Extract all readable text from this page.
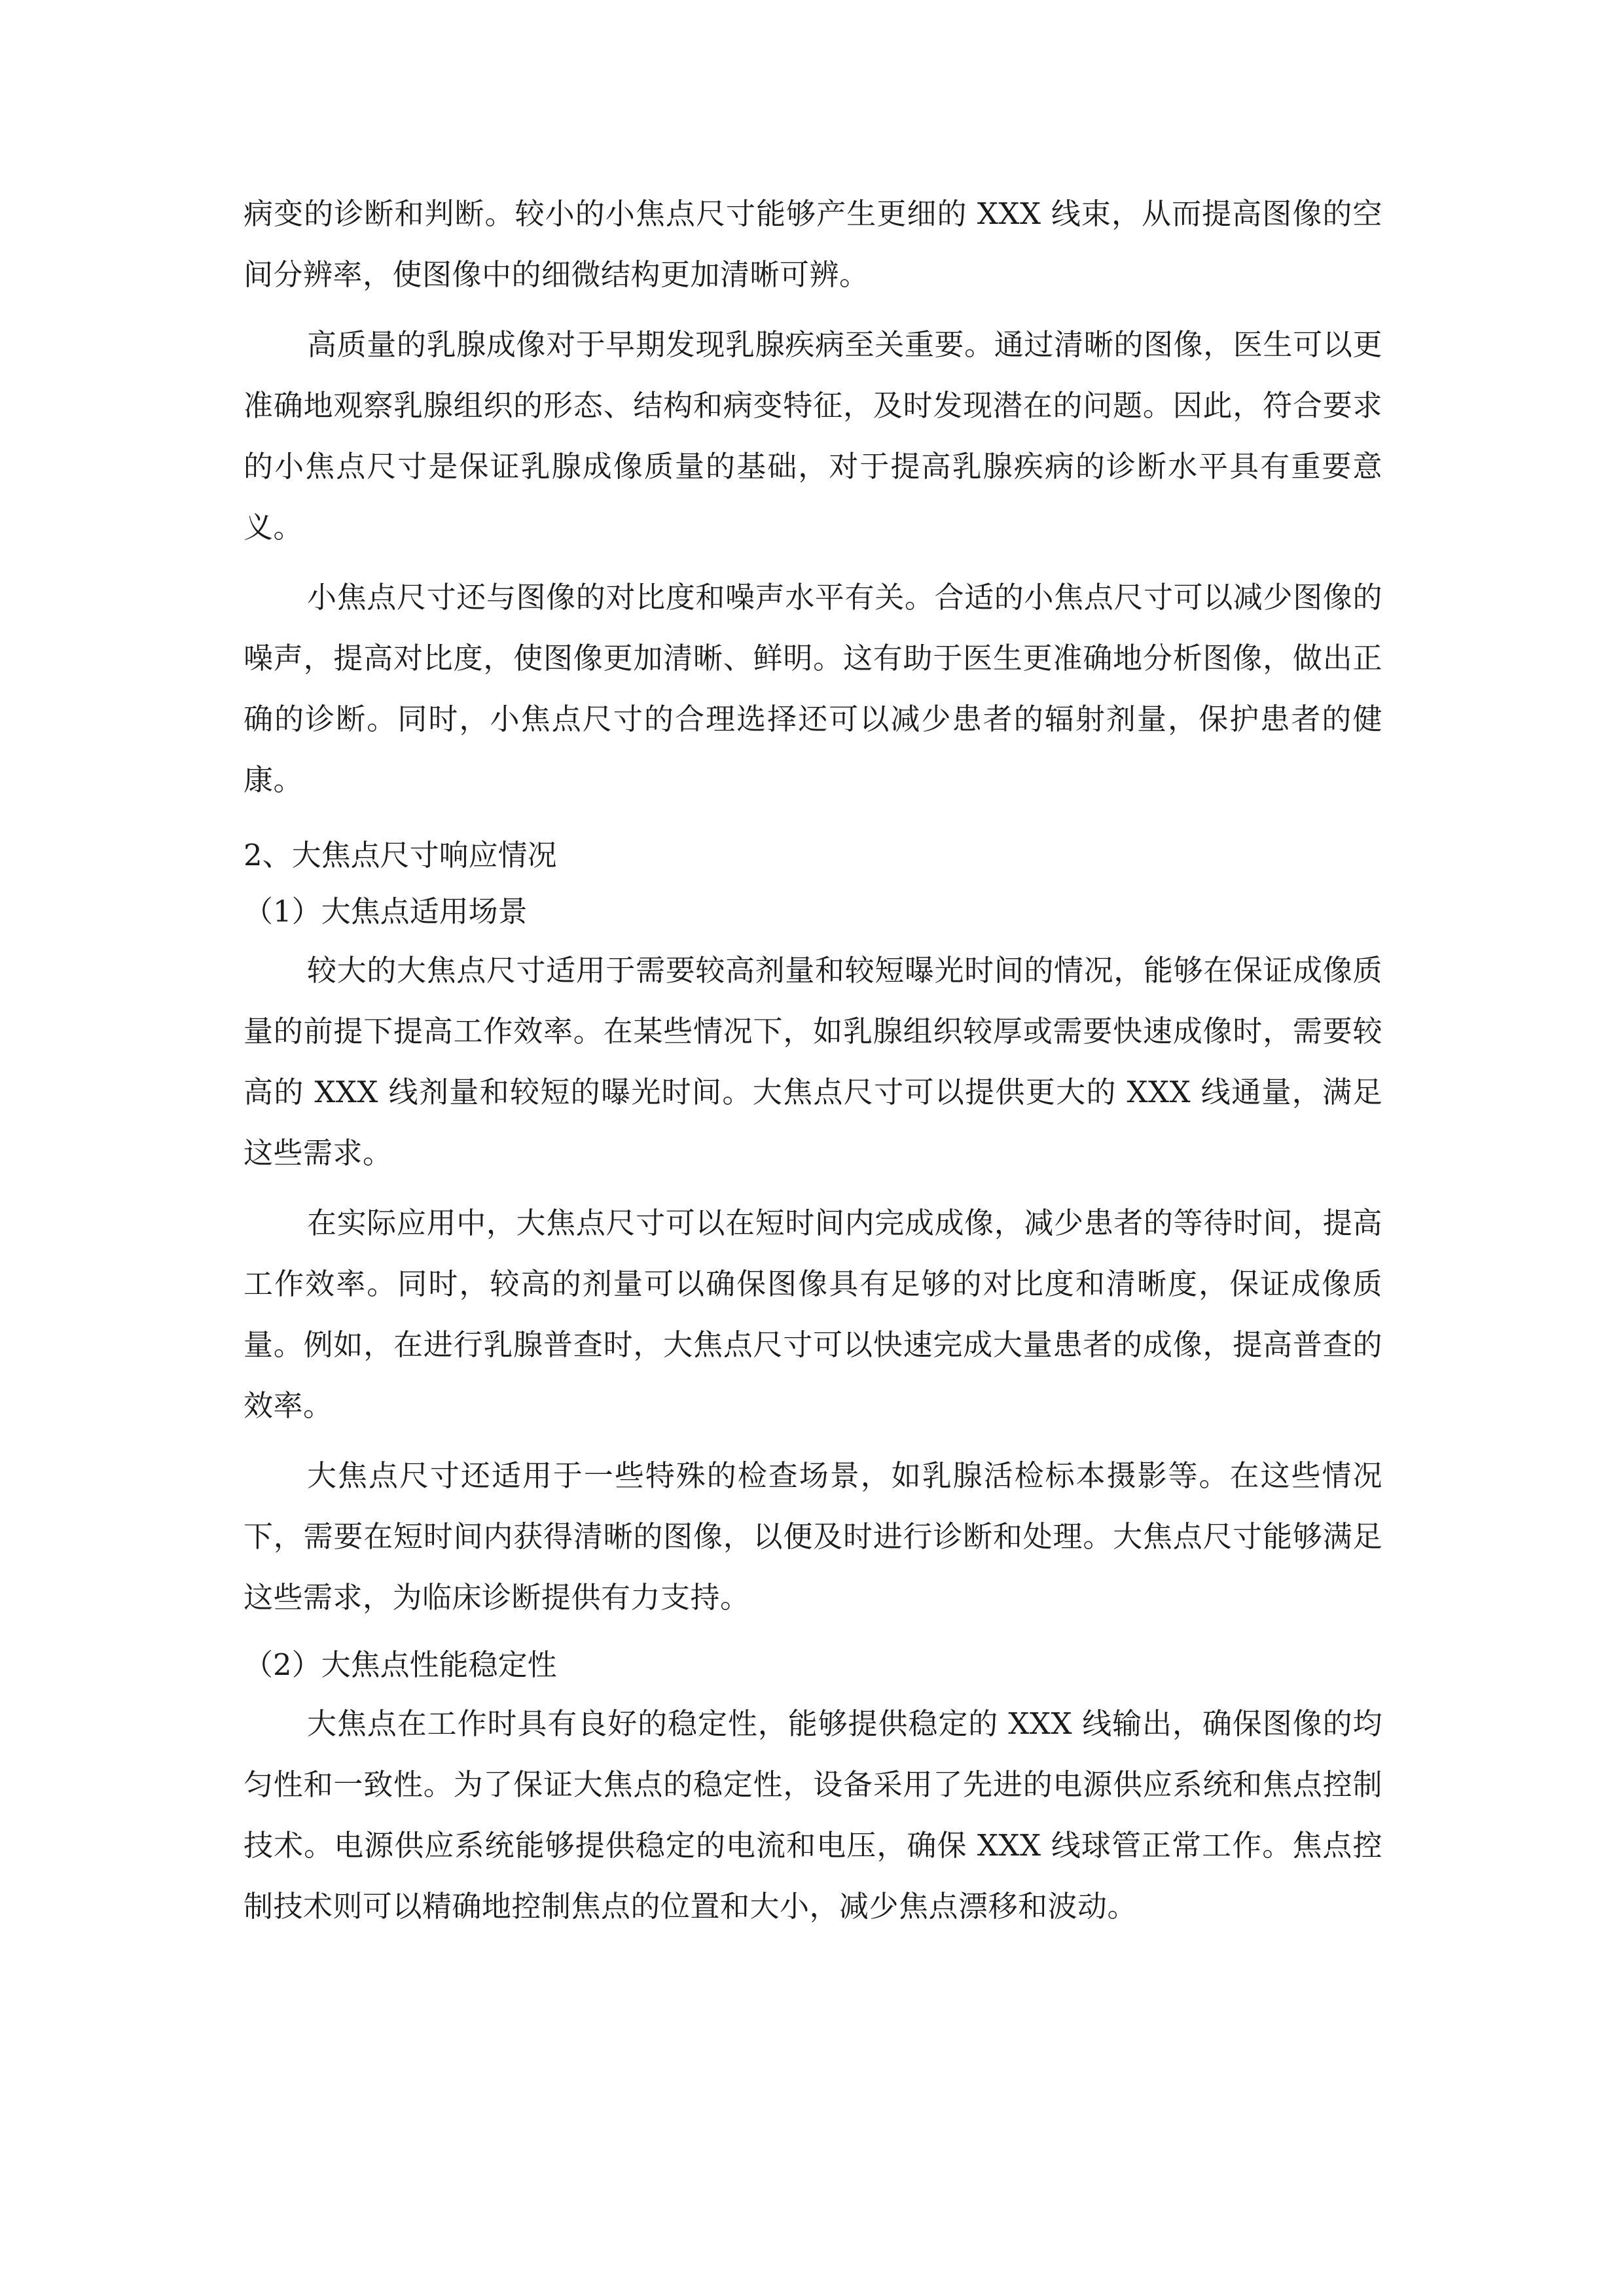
病变的诊断和判断。较小的小焦点尺寸能够产生更细的 XXX 线束，从而提高图像的空间分辨率，使图像中的细微结构更加清晰可辨。

高质量的乳腺成像对于早期发现乳腺疾病至关重要。通过清晰的图像，医生可以更准确地观察乳腺组织的形态、结构和病变特征，及时发现潜在的问题。因此，符合要求的小焦点尺寸是保证乳腺成像质量的基础，对于提高乳腺疾病的诊断水平具有重要意义。

小焦点尺寸还与图像的对比度和噪声水平有关。合适的小焦点尺寸可以减少图像的噪声，提高对比度，使图像更加清晰、鲜明。这有助于医生更准确地分析图像，做出正确的诊断。同时，小焦点尺寸的合理选择还可以减少患者的辐射剂量，保护患者的健康。

2、大焦点尺寸响应情况

（1）大焦点适用场景

较大的大焦点尺寸适用于需要较高剂量和较短曝光时间的情况，能够在保证成像质量的前提下提高工作效率。在某些情况下，如乳腺组织较厚或需要快速成像时，需要较高的 XXX 线剂量和较短的曝光时间。大焦点尺寸可以提供更大的 XXX 线通量，满足这些需求。

在实际应用中，大焦点尺寸可以在短时间内完成成像，减少患者的等待时间，提高工作效率。同时，较高的剂量可以确保图像具有足够的对比度和清晰度，保证成像质量。例如，在进行乳腺普查时，大焦点尺寸可以快速完成大量患者的成像，提高普查的效率。

大焦点尺寸还适用于一些特殊的检查场景，如乳腺活检标本摄影等。在这些情况下，需要在短时间内获得清晰的图像，以便及时进行诊断和处理。大焦点尺寸能够满足这些需求，为临床诊断提供有力支持。

（2）大焦点性能稳定性

大焦点在工作时具有良好的稳定性，能够提供稳定的 XXX 线输出，确保图像的均匀性和一致性。为了保证大焦点的稳定性，设备采用了先进的电源供应系统和焦点控制技术。电源供应系统能够提供稳定的电流和电压，确保 XXX 线球管正常工作。焦点控制技术则可以精确地控制焦点的位置和大小，减少焦点漂移和波动。
